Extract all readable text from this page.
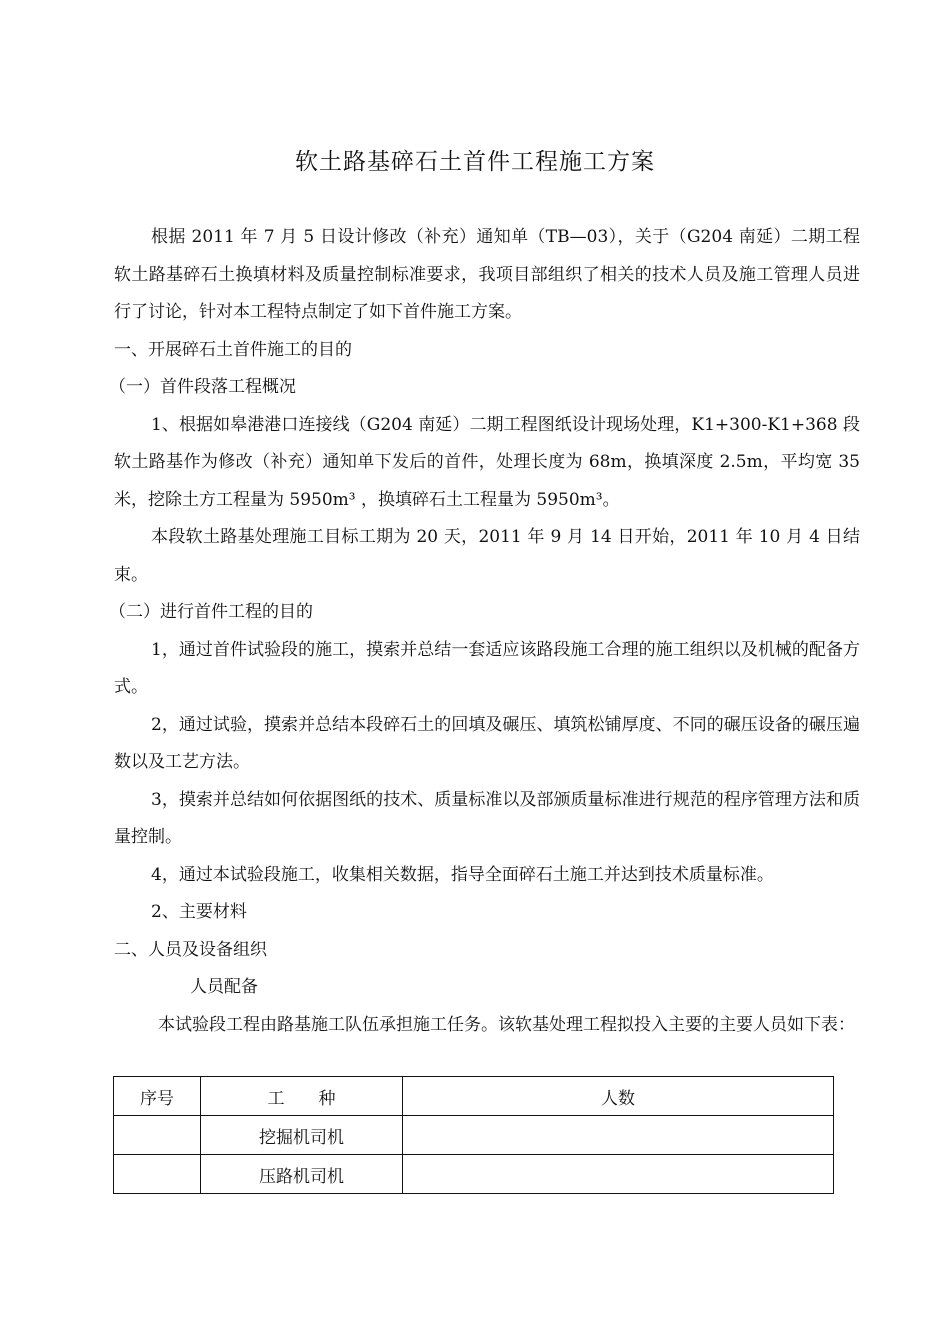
软土路基碎石土首件工程施工方案

根据 2011 年 7 月 5 日设计修改（补充）通知单（TB—03），关于（G204 南延）二期工程软土路基碎石土换填材料及质量控制标准要求，我项目部组织了相关的技术人员及施工管理人员进行了讨论，针对本工程特点制定了如下首件施工方案。

一、开展碎石土首件施工的目的

（一）首件段落工程概况

1、根据如皋港港口连接线（G204 南延）二期工程图纸设计现场处理，K1+300-K1+368 段软土路基作为修改（补充）通知单下发后的首件，处理长度为 68m，换填深度 2.5m，平均宽 35 米，挖除土方工程量为 5950m³ ，换填碎石土工程量为 5950m³。

本段软土路基处理施工目标工期为 20 天，2011 年 9 月 14 日开始，2011 年 10 月 4 日结束。

（二）进行首件工程的目的

1，通过首件试验段的施工，摸索并总结一套适应该路段施工合理的施工组织以及机械的配备方式。

2，通过试验，摸索并总结本段碎石土的回填及碾压、填筑松铺厚度、不同的碾压设备的碾压遍数以及工艺方法。

3，摸索并总结如何依据图纸的技术、质量标准以及部颁质量标准进行规范的程序管理方法和质量控制。

4，通过本试验段施工，收集相关数据，指导全面碎石土施工并达到技术质量标准。

2、主要材料

二、人员及设备组织

人员配备

本试验段工程由路基施工队伍承担施工任务。该软基处理工程拟投入主要的主要人员如下表：

序号	工　　种	人数
	挖掘机司机	
	压路机司机	
